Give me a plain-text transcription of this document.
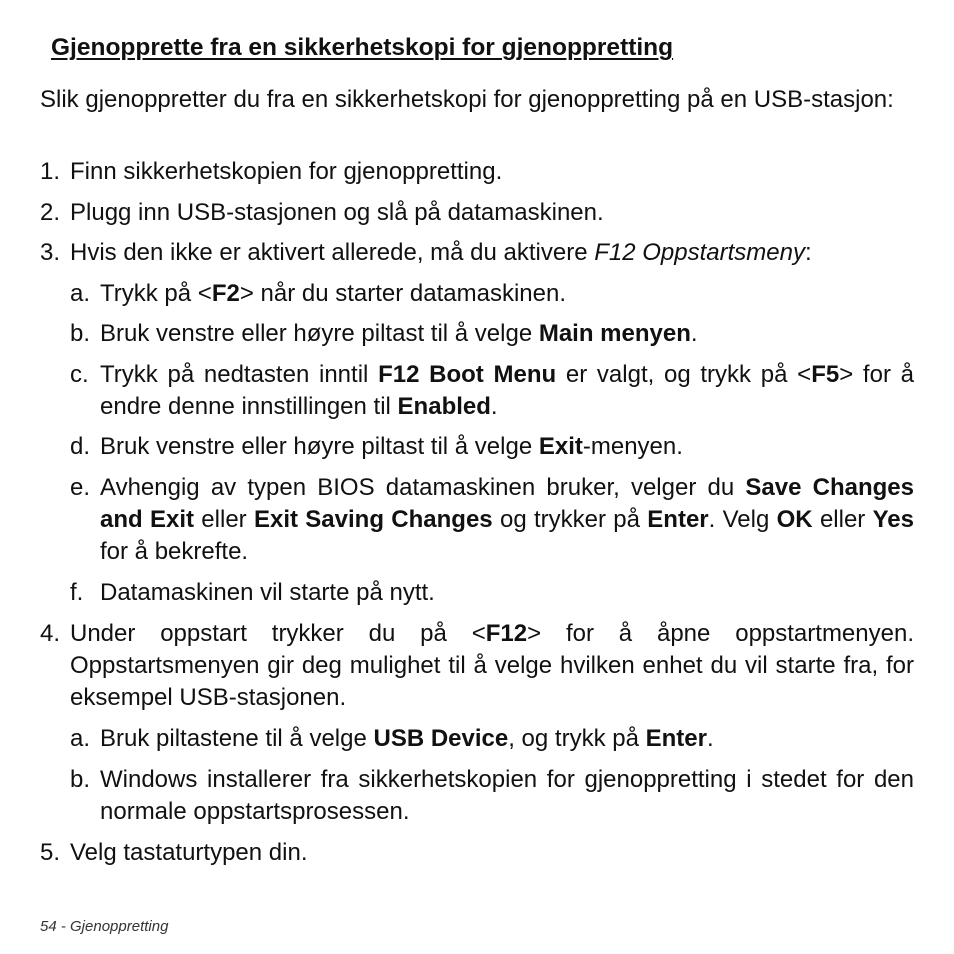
Gjenopprette fra en sikkerhetskopi for gjenoppretting
Slik gjenoppretter du fra en sikkerhetskopi for gjenoppretting på en USB-stasjon:
1. Finn sikkerhetskopien for gjenoppretting.
2. Plugg inn USB-stasjonen og slå på datamaskinen.
3. Hvis den ikke er aktivert allerede, må du aktivere F12 Oppstartsmeny:
a. Trykk på <F2> når du starter datamaskinen.
b. Bruk venstre eller høyre piltast til å velge Main menyen.
c. Trykk på nedtasten inntil F12 Boot Menu er valgt, og trykk på <F5> for å endre denne innstillingen til Enabled.
d. Bruk venstre eller høyre piltast til å velge Exit-menyen.
e. Avhengig av typen BIOS datamaskinen bruker, velger du Save Changes and Exit eller Exit Saving Changes og trykker på Enter. Velg OK eller Yes for å bekrefte.
f. Datamaskinen vil starte på nytt.
4. Under oppstart trykker du på <F12> for å åpne oppstartmenyen. Oppstartsmenyen gir deg mulighet til å velge hvilken enhet du vil starte fra, for eksempel USB-stasjonen.
a. Bruk piltastene til å velge USB Device, og trykk på Enter.
b. Windows installerer fra sikkerhetskopien for gjenoppretting i stedet for den normale oppstartsprosessen.
5. Velg tastaturtypen din.
54 - Gjenoppretting
